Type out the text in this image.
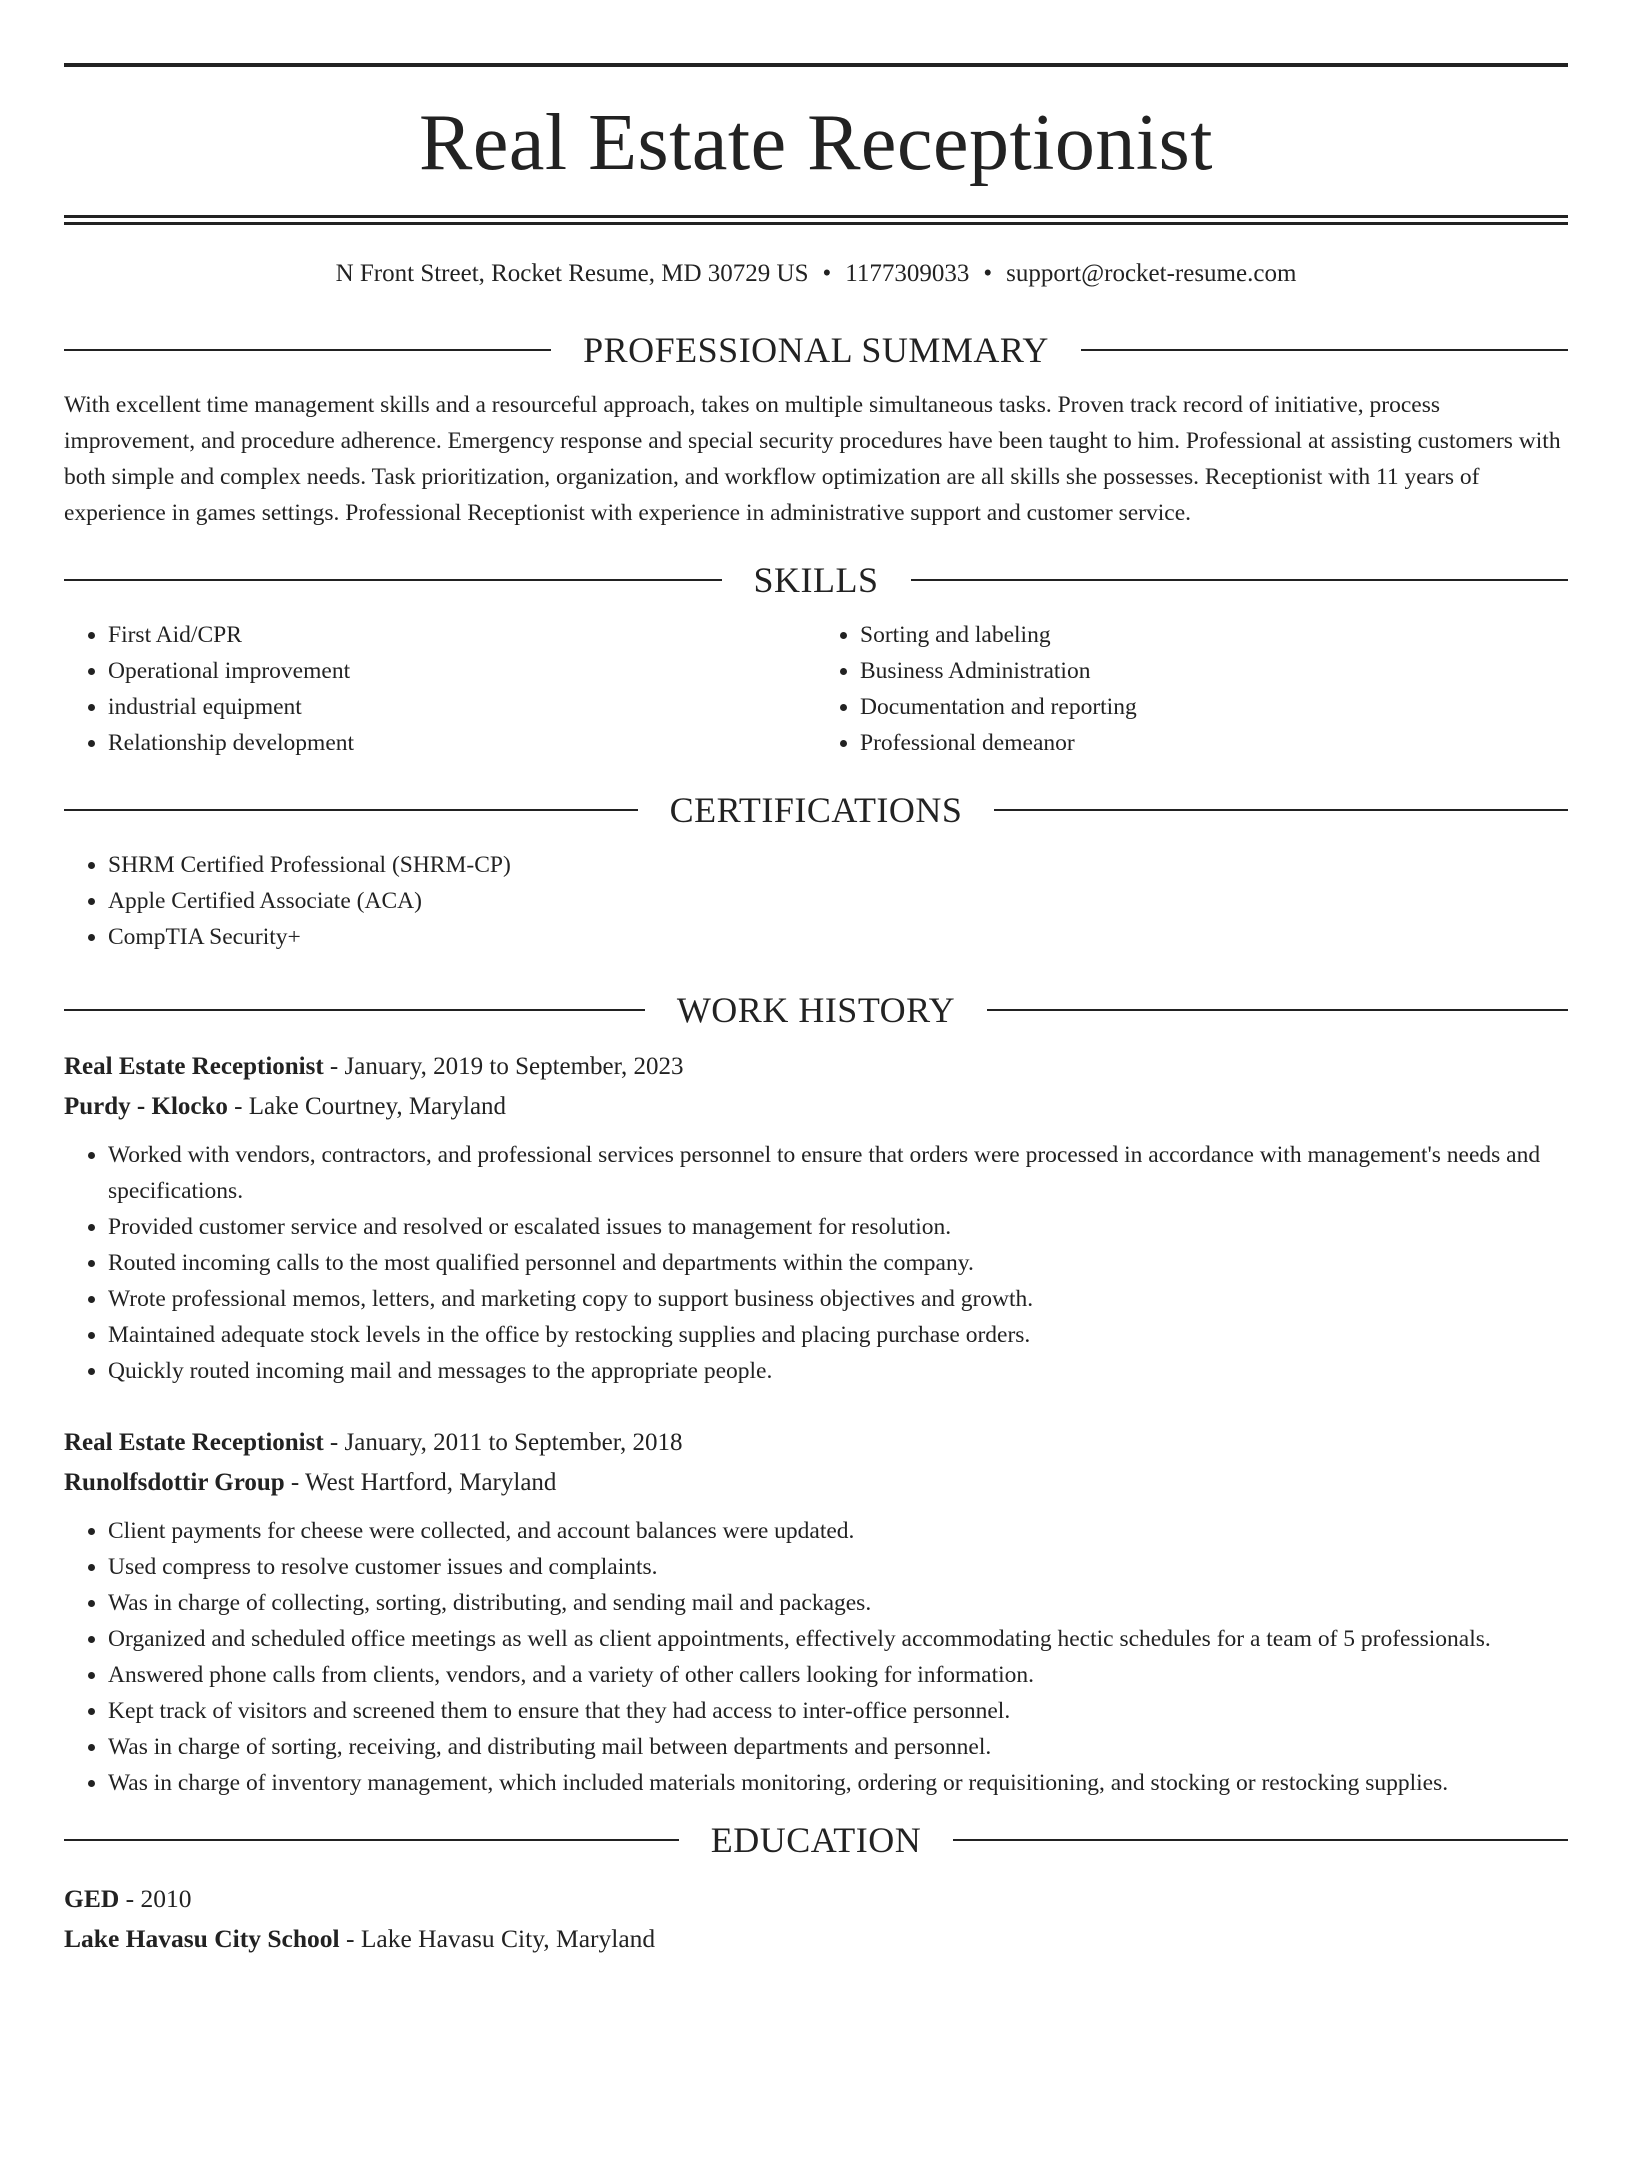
Real Estate Receptionist
N Front Street, Rocket Resume, MD 30729 US • 1177309033 • support@rocket-resume.com
PROFESSIONAL SUMMARY

With excellent time management skills and a resourceful approach, takes on multiple simultaneous tasks. Proven track record of initiative, process improvement, and procedure adherence. Emergency response and special security procedures have been taught to him. Professional at assisting customers with both simple and complex needs. Task prioritization, organization, and workflow optimization are all skills she possesses. Receptionist with 11 years of experience in games settings. Professional Receptionist with experience in administrative support and customer service.

SKILLS
• First Aid/CPR
• Operational improvement
• industrial equipment
• Relationship development
• Sorting and labeling
• Business Administration
• Documentation and reporting
• Professional demeanor
CERTIFICATIONS
• SHRM Certified Professional (SHRM-CP)
• Apple Certified Associate (ACA)
• CompTIA Security+
WORK HISTORY
Real Estate Receptionist - January, 2019 to September, 2023
Purdy - Klocko - Lake Courtney, Maryland
• Worked with vendors, contractors, and professional services personnel to ensure that orders were processed in accordance with management's needs and specifications.
• Provided customer service and resolved or escalated issues to management for resolution.
• Routed incoming calls to the most qualified personnel and departments within the company.
• Wrote professional memos, letters, and marketing copy to support business objectives and growth.
• Maintained adequate stock levels in the office by restocking supplies and placing purchase orders.
• Quickly routed incoming mail and messages to the appropriate people.
Real Estate Receptionist - January, 2011 to September, 2018
Runolfsdottir Group - West Hartford, Maryland
• Client payments for cheese were collected, and account balances were updated.
• Used compress to resolve customer issues and complaints.
• Was in charge of collecting, sorting, distributing, and sending mail and packages.
• Organized and scheduled office meetings as well as client appointments, effectively accommodating hectic schedules for a team of 5 professionals.
• Answered phone calls from clients, vendors, and a variety of other callers looking for information.
• Kept track of visitors and screened them to ensure that they had access to inter-office personnel.
• Was in charge of sorting, receiving, and distributing mail between departments and personnel.
• Was in charge of inventory management, which included materials monitoring, ordering or requisitioning, and stocking or restocking supplies.
EDUCATION
GED - 2010
Lake Havasu City School - Lake Havasu City, Maryland
